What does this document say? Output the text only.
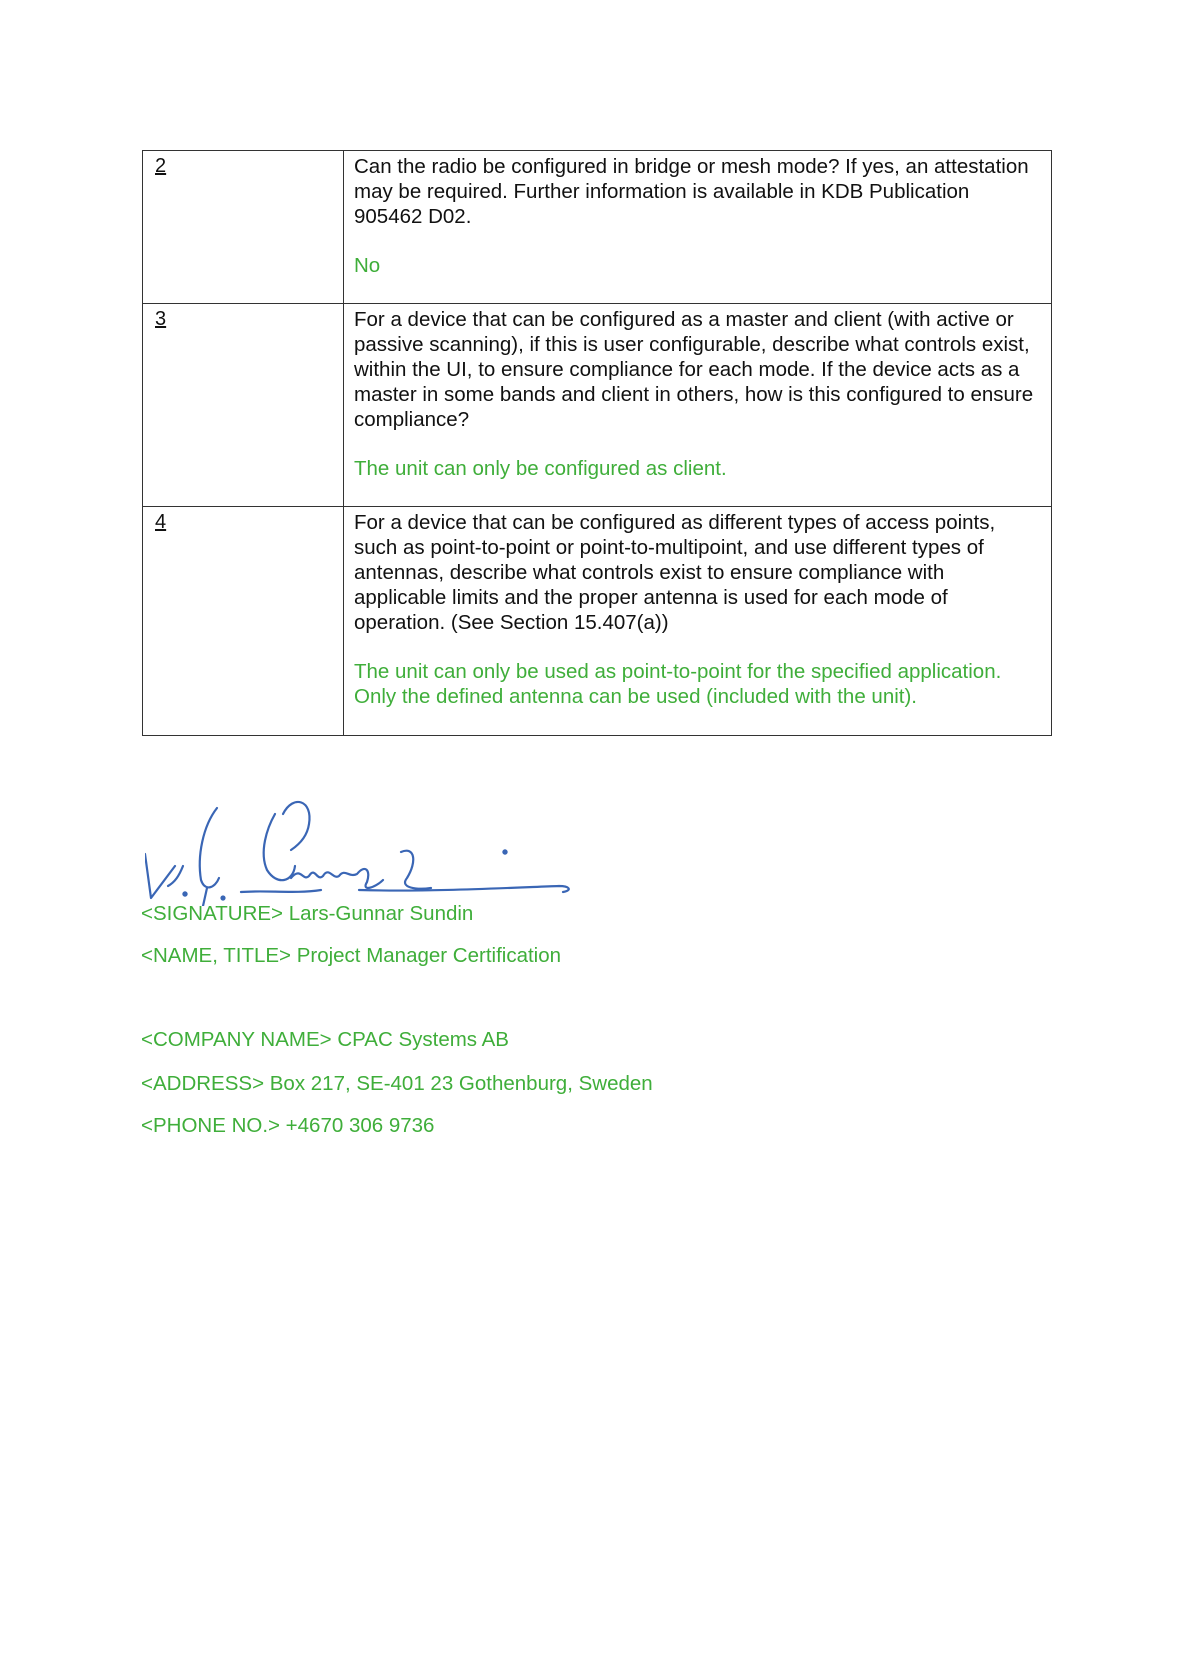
2	Can the radio be configured in bridge or mesh mode? If yes, an attestation may be required. Further information is available in KDB Publication 905462 D02.

No

3	For a device that can be configured as a master and client (with active or passive scanning), if this is user configurable, describe what controls exist, within the UI, to ensure compliance for each mode. If the device acts as a master in some bands and client in others, how is this configured to ensure compliance?

The unit can only be configured as client.

4	For a device that can be configured as different types of access points, such as point-to-point or point-to-multipoint, and use different types of antennas, describe what controls exist to ensure compliance with applicable limits and the proper antenna is used for each mode of operation. (See Section 15.407(a))

The unit can only be used as point-to-point for the specified application. Only the defined antenna can be used (included with the unit).

<SIGNATURE> Lars-Gunnar Sundin
<NAME, TITLE> Project Manager Certification
<COMPANY NAME> CPAC Systems AB
<ADDRESS> Box 217, SE-401 23 Gothenburg, Sweden
<PHONE NO.> +4670 306 9736
